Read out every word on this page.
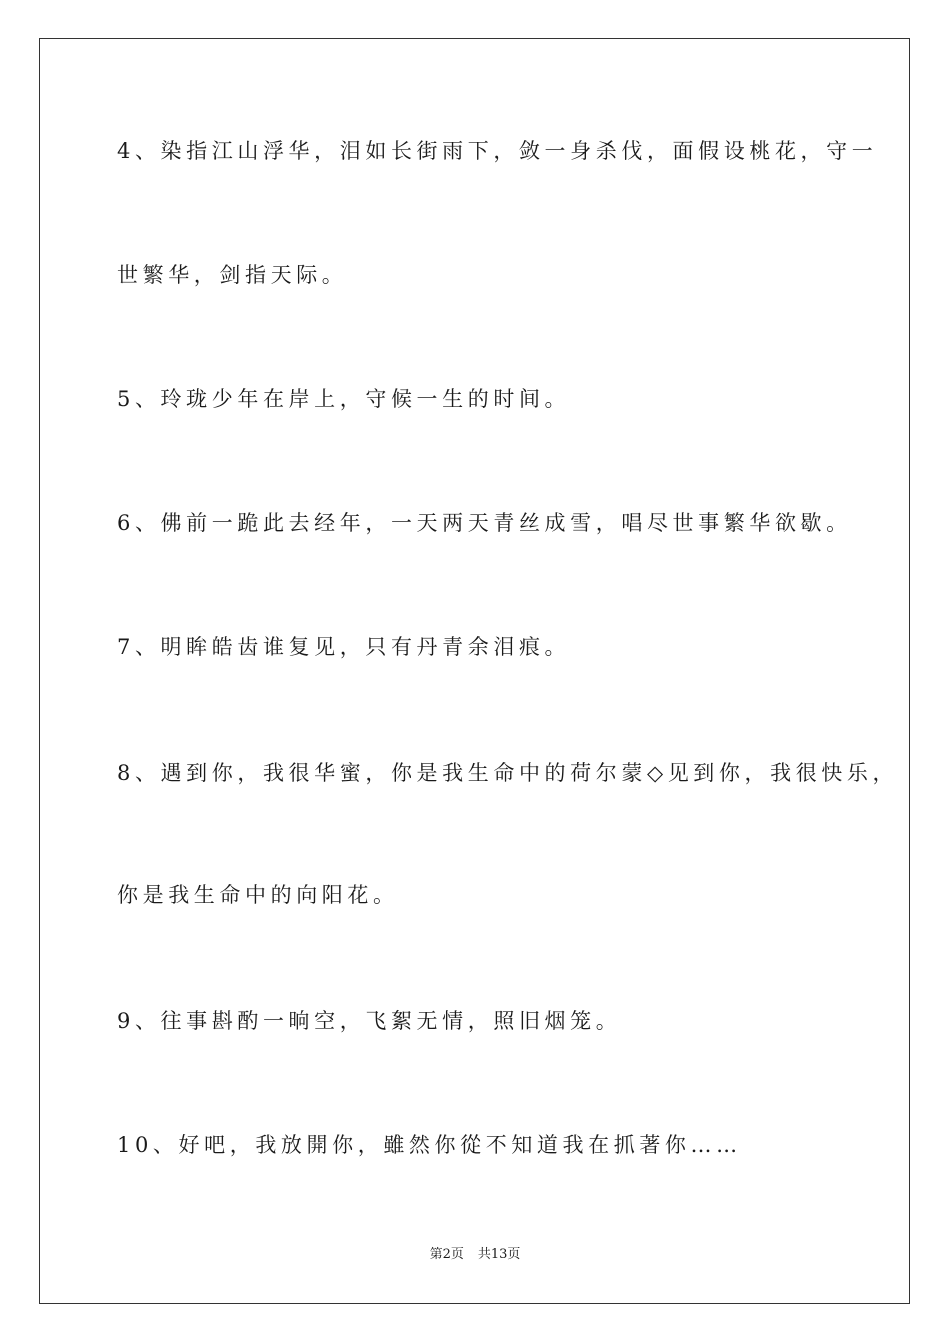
4、染指江山浮华，泪如长街雨下，敛一身杀伐，面假设桃花，守一
世繁华，剑指天际。
5、玲珑少年在岸上，守候一生的时间。
6、佛前一跪此去经年，一天两天青丝成雪，唱尽世事繁华欲歇。
7、明眸皓齿谁复见，只有丹青余泪痕。
8、遇到你，我很华蜜，你是我生命中的荷尔蒙◇见到你，我很快乐，
你是我生命中的向阳花。
9、往事斟酌一晌空，飞絮无情，照旧烟笼。
10、好吧，我放開你，雖然你從不知道我在抓著你……
第2页 共13页
